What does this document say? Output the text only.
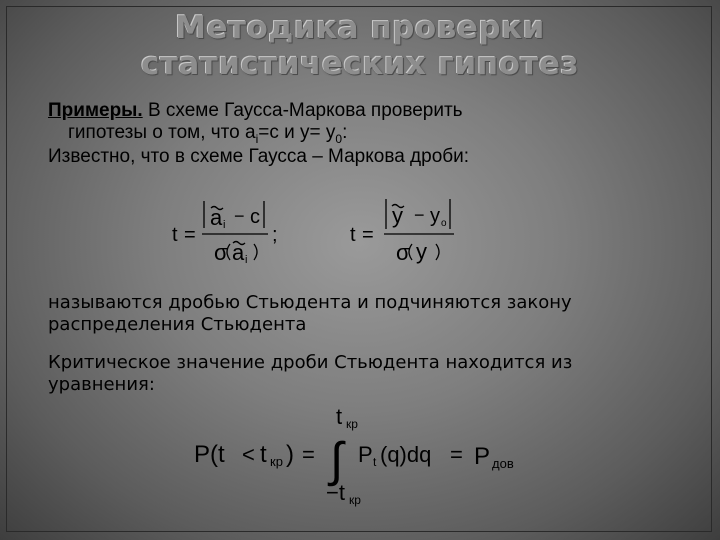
Методика проверки
статистических гипотез
Примеры. В схеме Гаусса-Маркова проверить
гипотезы о том, что $a_i=c$ и $y= y_0$:
Известно, что в схеме Гаусса – Маркова дроби:
t =
a i − c
σ a i
;	t =
y − y o
σ y
называются дробью Стьюдента и подчиняются закону
распределения Стьюдента
Критическое значение дроби Стьюдента находится из
уравнения:
P (t < t кр ) =
t кр
∫
−t кр
P t (q)dq = P дов
